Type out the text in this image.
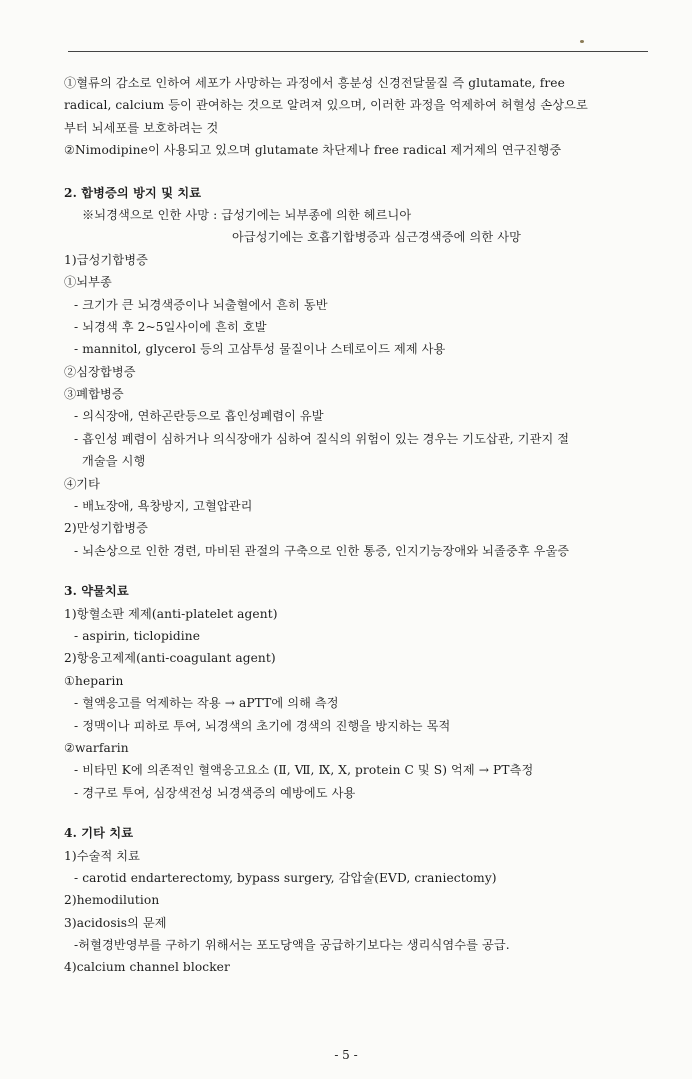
①혈류의 감소로 인하여 세포가 사망하는 과정에서 흥분성 신경전달물질 즉 glutamate, free
radical, calcium 등이 관여하는 것으로 알려져 있으며, 이러한 과정을 억제하여 허혈성 손상으로
부터 뇌세포를 보호하려는 것
②Nimodipine이 사용되고 있으며 glutamate 차단제나 free radical 제거제의 연구진행중
2. 합병증의 방지 및 치료
※뇌경색으로 인한 사망 : 급성기에는 뇌부종에 의한 헤르니아
아급성기에는 호흡기합병증과 심근경색증에 의한 사망
1)급성기합병증
①뇌부종
- 크기가 큰 뇌경색증이나 뇌출혈에서 흔히 동반
- 뇌경색 후 2~5일사이에 흔히 호발
- mannitol, glycerol 등의 고삼투성 물질이나 스테로이드 제제 사용
②심장합병증
③폐합병증
- 의식장애, 연하곤란등으로 흡인성폐렴이 유발
- 흡인성 폐렴이 심하거나 의식장애가 심하여 질식의 위험이 있는 경우는 기도삽관, 기관지 절
개술을 시행
④기타
- 배뇨장애, 욕창방지, 고혈압관리
2)만성기합병증
- 뇌손상으로 인한 경련, 마비된 관절의 구축으로 인한 통증, 인지기능장애와 뇌졸중후 우울증
3. 약물치료
1)항혈소판 제제(anti-platelet agent)
- aspirin, ticlopidine
2)항응고제제(anti-coagulant agent)
①heparin
- 혈액응고를 억제하는 작용 → aPTT에 의해 측정
- 정맥이나 피하로 투여, 뇌경색의 초기에 경색의 진행을 방지하는 목적
②warfarin
- 비타민 K에 의존적인 혈액응고요소 (Ⅱ, Ⅶ, Ⅸ, Ⅹ, protein C 및 S) 억제 → PT측정
- 경구로 투여, 심장색전성 뇌경색증의 예방에도 사용
4. 기타 치료
1)수술적 치료
- carotid endarterectomy, bypass surgery, 감압술(EVD, craniectomy)
2)hemodilution
3)acidosis의 문제
-허혈경반영부를 구하기 위해서는 포도당액을 공급하기보다는 생리식염수를 공급.
4)calcium channel blocker
- 5 -
